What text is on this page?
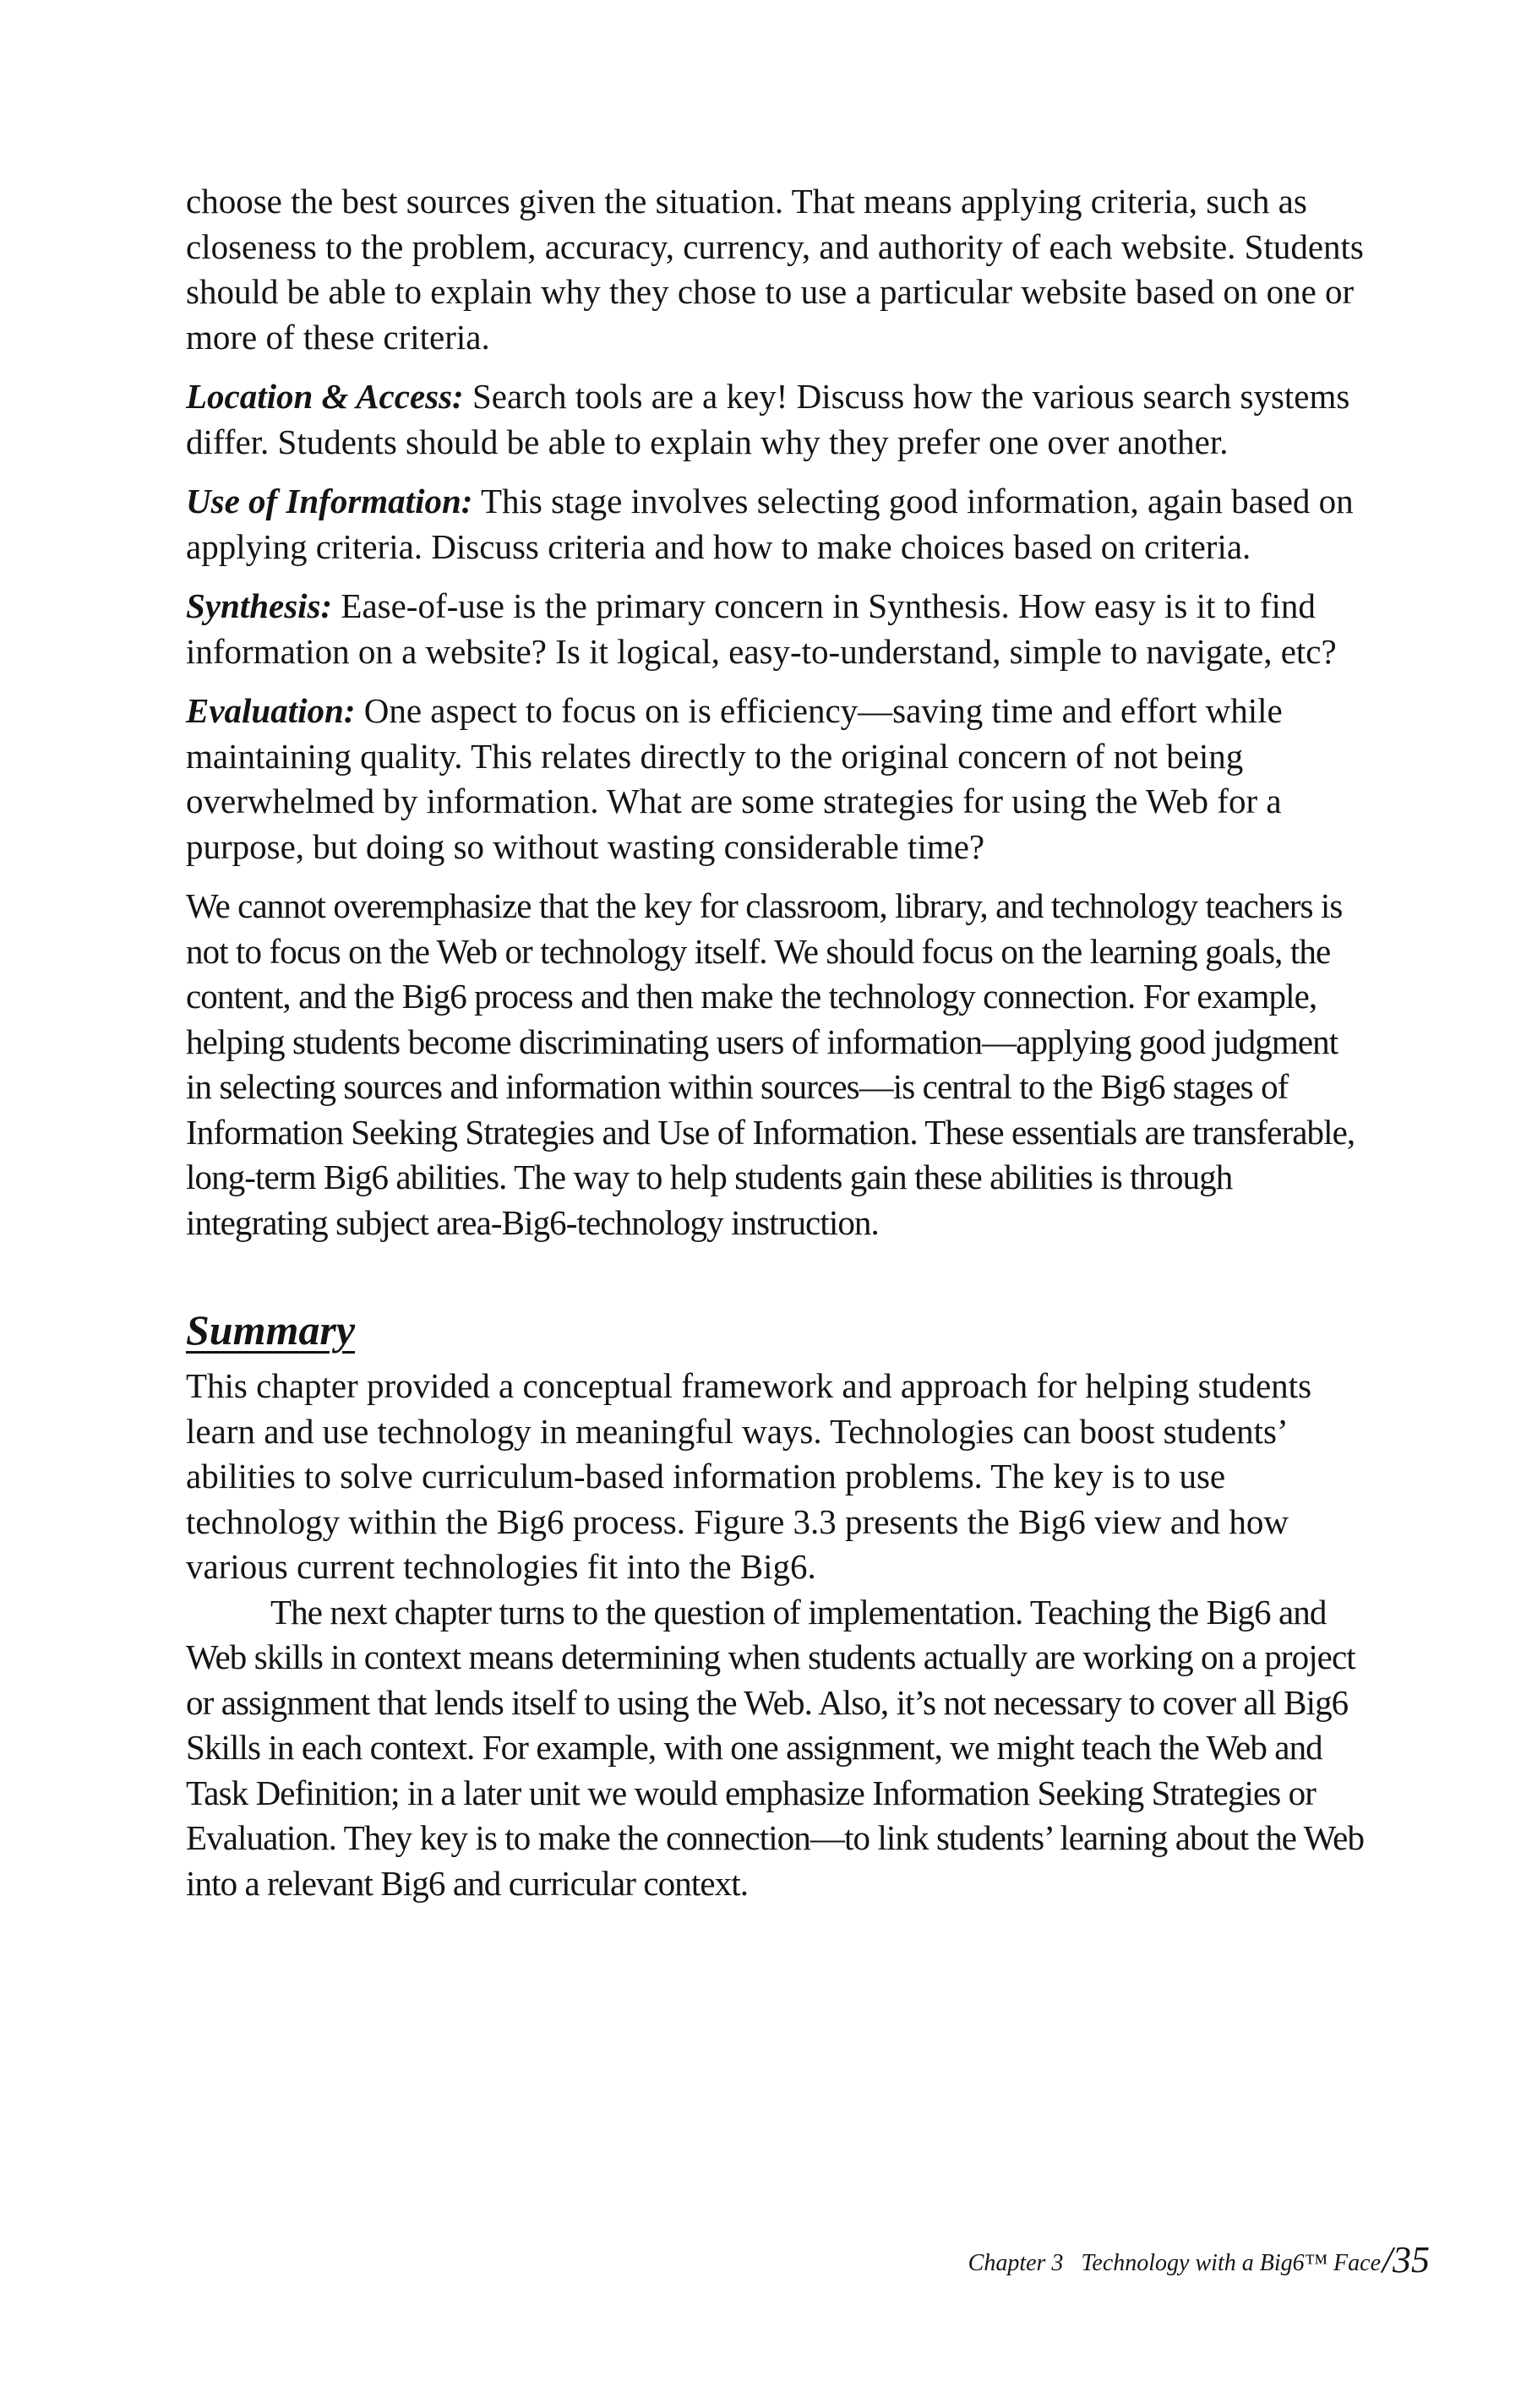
choose the best sources given the situation. That means applying criteria, such as closeness to the problem, accuracy, currency, and authority of each website. Students should be able to explain why they chose to use a particular website based on one or more of these criteria.

Location & Access: Search tools are a key! Discuss how the various search systems differ. Students should be able to explain why they prefer one over another.

Use of Information: This stage involves selecting good information, again based on applying criteria. Discuss criteria and how to make choices based on criteria.

Synthesis: Ease-of-use is the primary concern in Synthesis. How easy is it to find information on a website? Is it logical, easy-to-understand, simple to navigate, etc?

Evaluation: One aspect to focus on is efficiency—saving time and effort while maintaining quality. This relates directly to the original concern of not being overwhelmed by information. What are some strategies for using the Web for a purpose, but doing so without wasting considerable time?

We cannot overemphasize that the key for classroom, library, and technology teachers is not to focus on the Web or technology itself. We should focus on the learning goals, the content, and the Big6 process and then make the technology connection. For example, helping students become discriminating users of information—applying good judgment in selecting sources and information within sources—is central to the Big6 stages of Information Seeking Strategies and Use of Information. These essentials are transferable, long-term Big6 abilities. The way to help students gain these abilities is through integrating subject area-Big6-technology instruction.

Summary

This chapter provided a conceptual framework and approach for helping students learn and use technology in meaningful ways. Technologies can boost students’ abilities to solve curriculum-based information problems. The key is to use technology within the Big6 process. Figure 3.3 presents the Big6 view and how various current technologies fit into the Big6.

The next chapter turns to the question of implementation. Teaching the Big6 and Web skills in context means determining when students actually are working on a project or assignment that lends itself to using the Web. Also, it’s not necessary to cover all Big6 Skills in each context. For example, with one assignment, we might teach the Web and Task Definition; in a later unit we would emphasize Information Seeking Strategies or Evaluation. They key is to make the connection—to link students’ learning about the Web into a relevant Big6 and curricular context.

Chapter 3   Technology with a Big6™ Face /35
